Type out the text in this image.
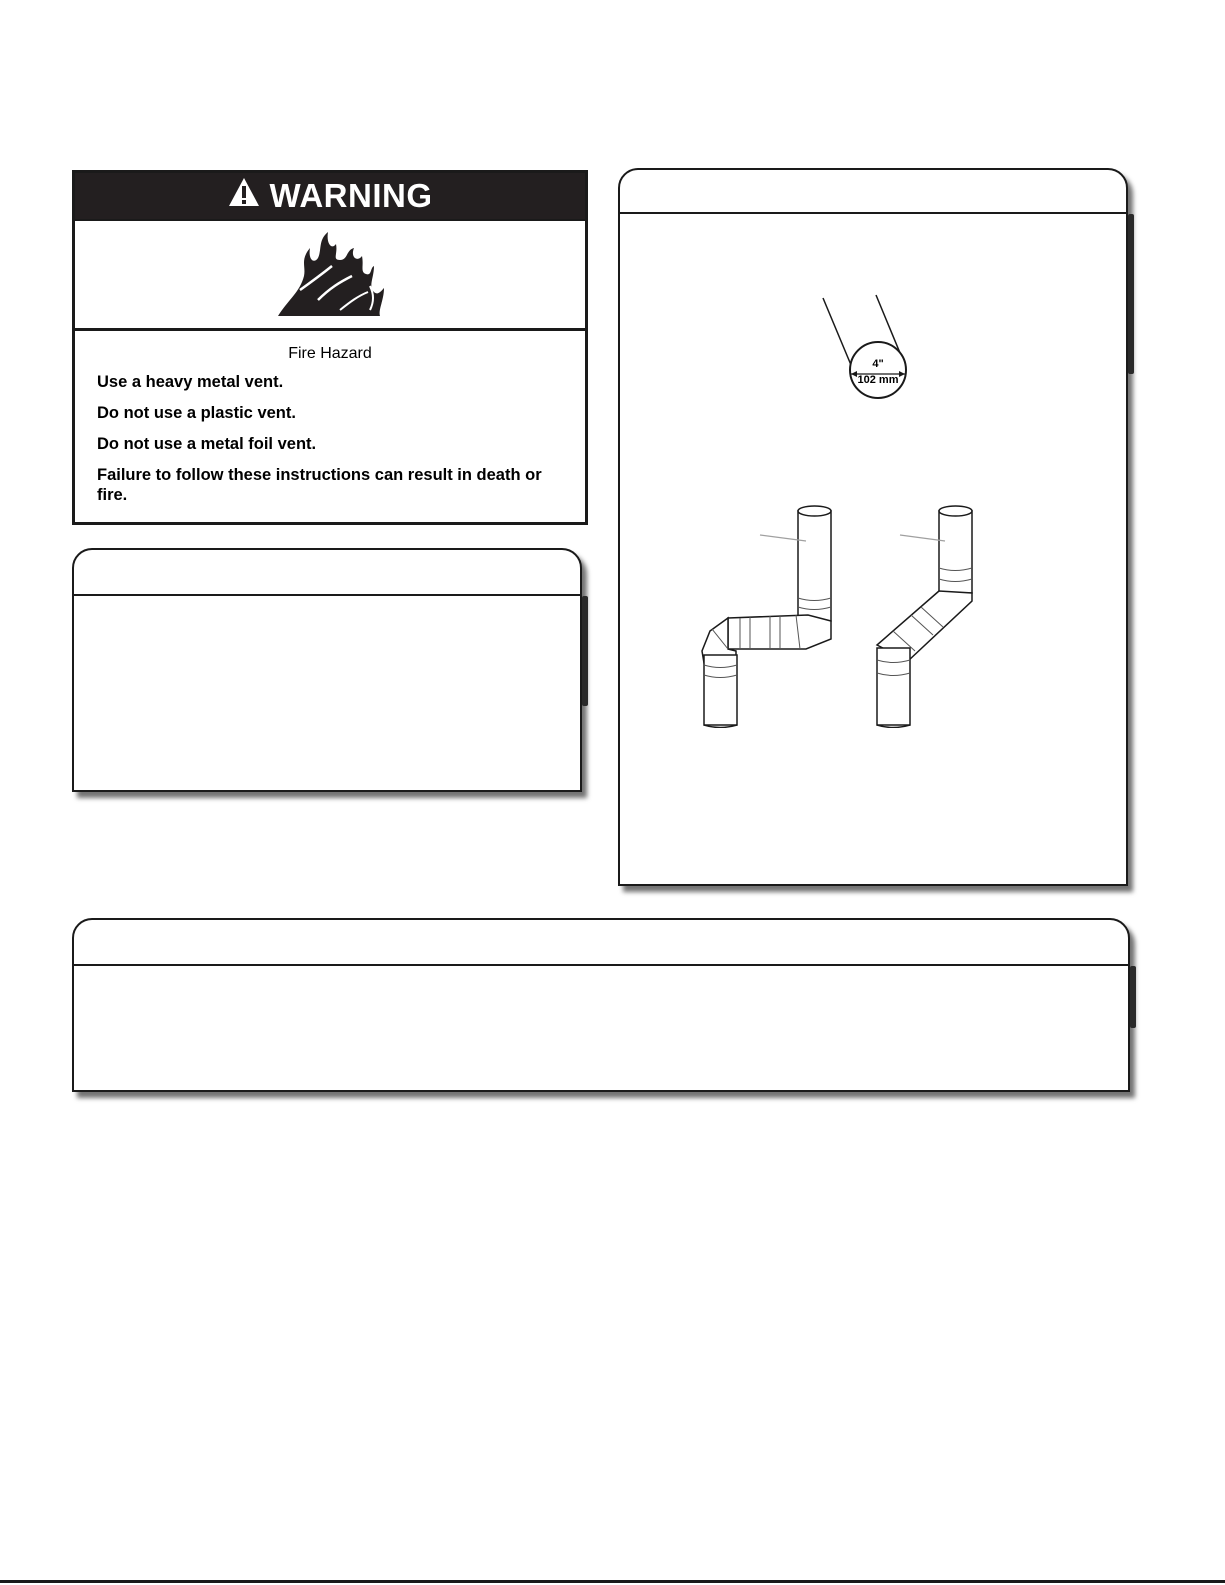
WARNING

Fire Hazard

Use a heavy metal vent.

Do not use a plastic vent.

Do not use a metal foil vent.

Failure to follow these instructions can result in death or fire.

4"
102 mm
